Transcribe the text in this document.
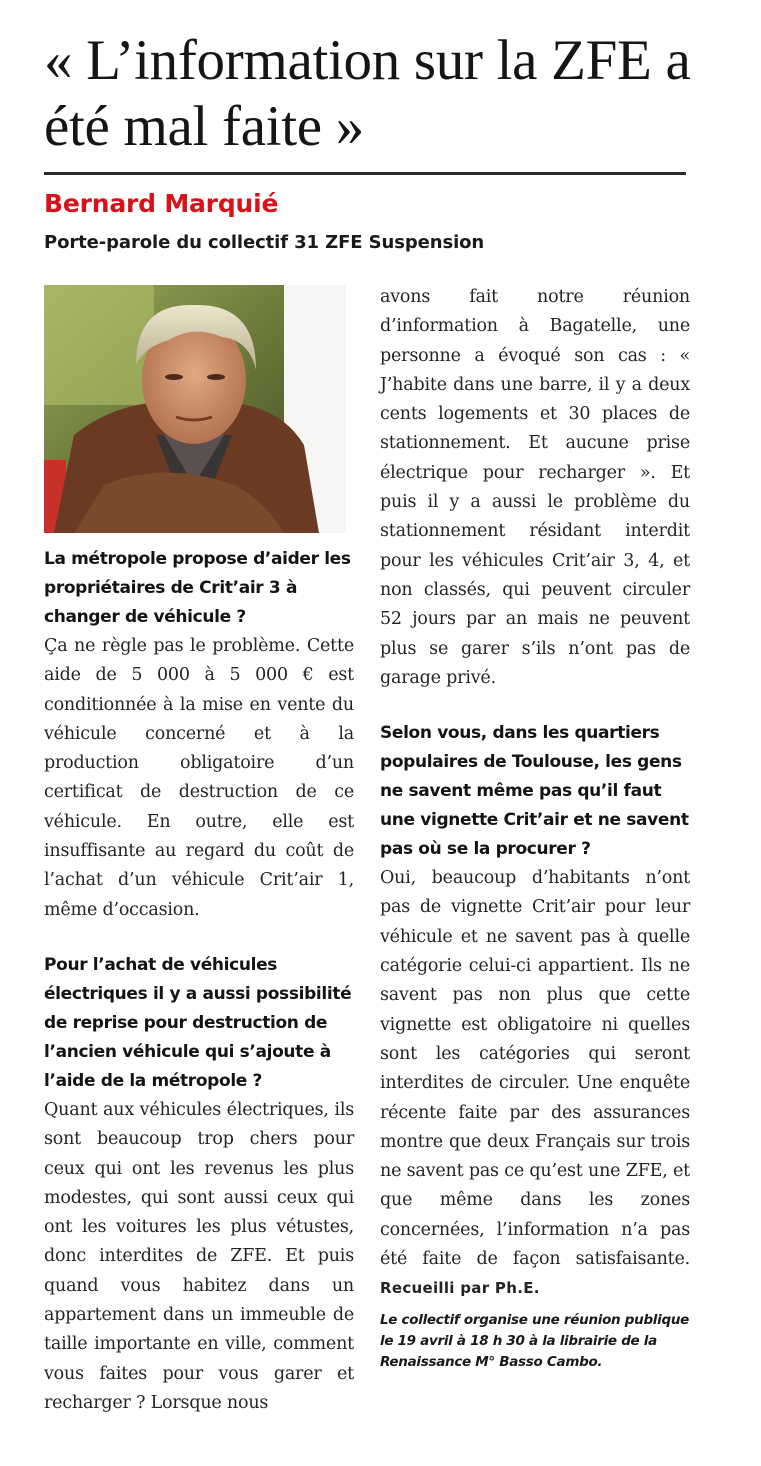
« L’information sur la ZFE a été mal faite »
Bernard Marquié
Porte-parole du collectif 31 ZFE Suspension

La métropole propose d’aider les propriétaires de Crit’air 3 à changer de véhicule ?

Ça ne règle pas le problème. Cette aide de 5 000 à 5 000 € est conditionnée à la mise en vente du véhicule concerné et à la production obligatoire d’un certificat de destruction de ce véhicule. En outre, elle est insuffisante au regard du coût de l’achat d’un véhicule Crit’air 1, même d’occasion.

Pour l’achat de véhicules électriques il y a aussi possibilité de reprise pour destruction de l’ancien véhicule qui s’ajoute à l’aide de la métropole ?

Quant aux véhicules électriques, ils sont beaucoup trop chers pour ceux qui ont les revenus les plus modestes, qui sont aussi ceux qui ont les voitures les plus vétustes, donc interdites de ZFE. Et puis quand vous habitez dans un appartement dans un immeuble de taille importante en ville, comment vous faites pour vous garer et recharger ? Lorsque nous

avons fait notre réunion d’information à Bagatelle, une personne a évoqué son cas : « J’habite dans une barre, il y a deux cents logements et 30 places de stationnement. Et aucune prise électrique pour recharger ». Et puis il y a aussi le problème du stationnement résidant interdit pour les véhicules Crit’air 3, 4, et non classés, qui peuvent circuler 52 jours par an mais ne peuvent plus se garer s’ils n’ont pas de garage privé.

Selon vous, dans les quartiers populaires de Toulouse, les gens ne savent même pas qu’il faut une vignette Crit’air et ne savent pas où se la procurer ?

Oui, beaucoup d’habitants n’ont pas de vignette Crit’air pour leur véhicule et ne savent pas à quelle catégorie celui-ci appartient. Ils ne savent pas non plus que cette vignette est obligatoire ni quelles sont les catégories qui seront interdites de circuler. Une enquête récente faite par des assurances montre que deux Français sur trois ne savent pas ce qu’est une ZFE, et que même dans les zones concernées, l’information n’a pas été faite de façon satisfaisante. Recueilli par Ph.E.

Le collectif organise une réunion publique le 19 avril à 18 h 30 à la librairie de la Renaissance M° Basso Cambo.
